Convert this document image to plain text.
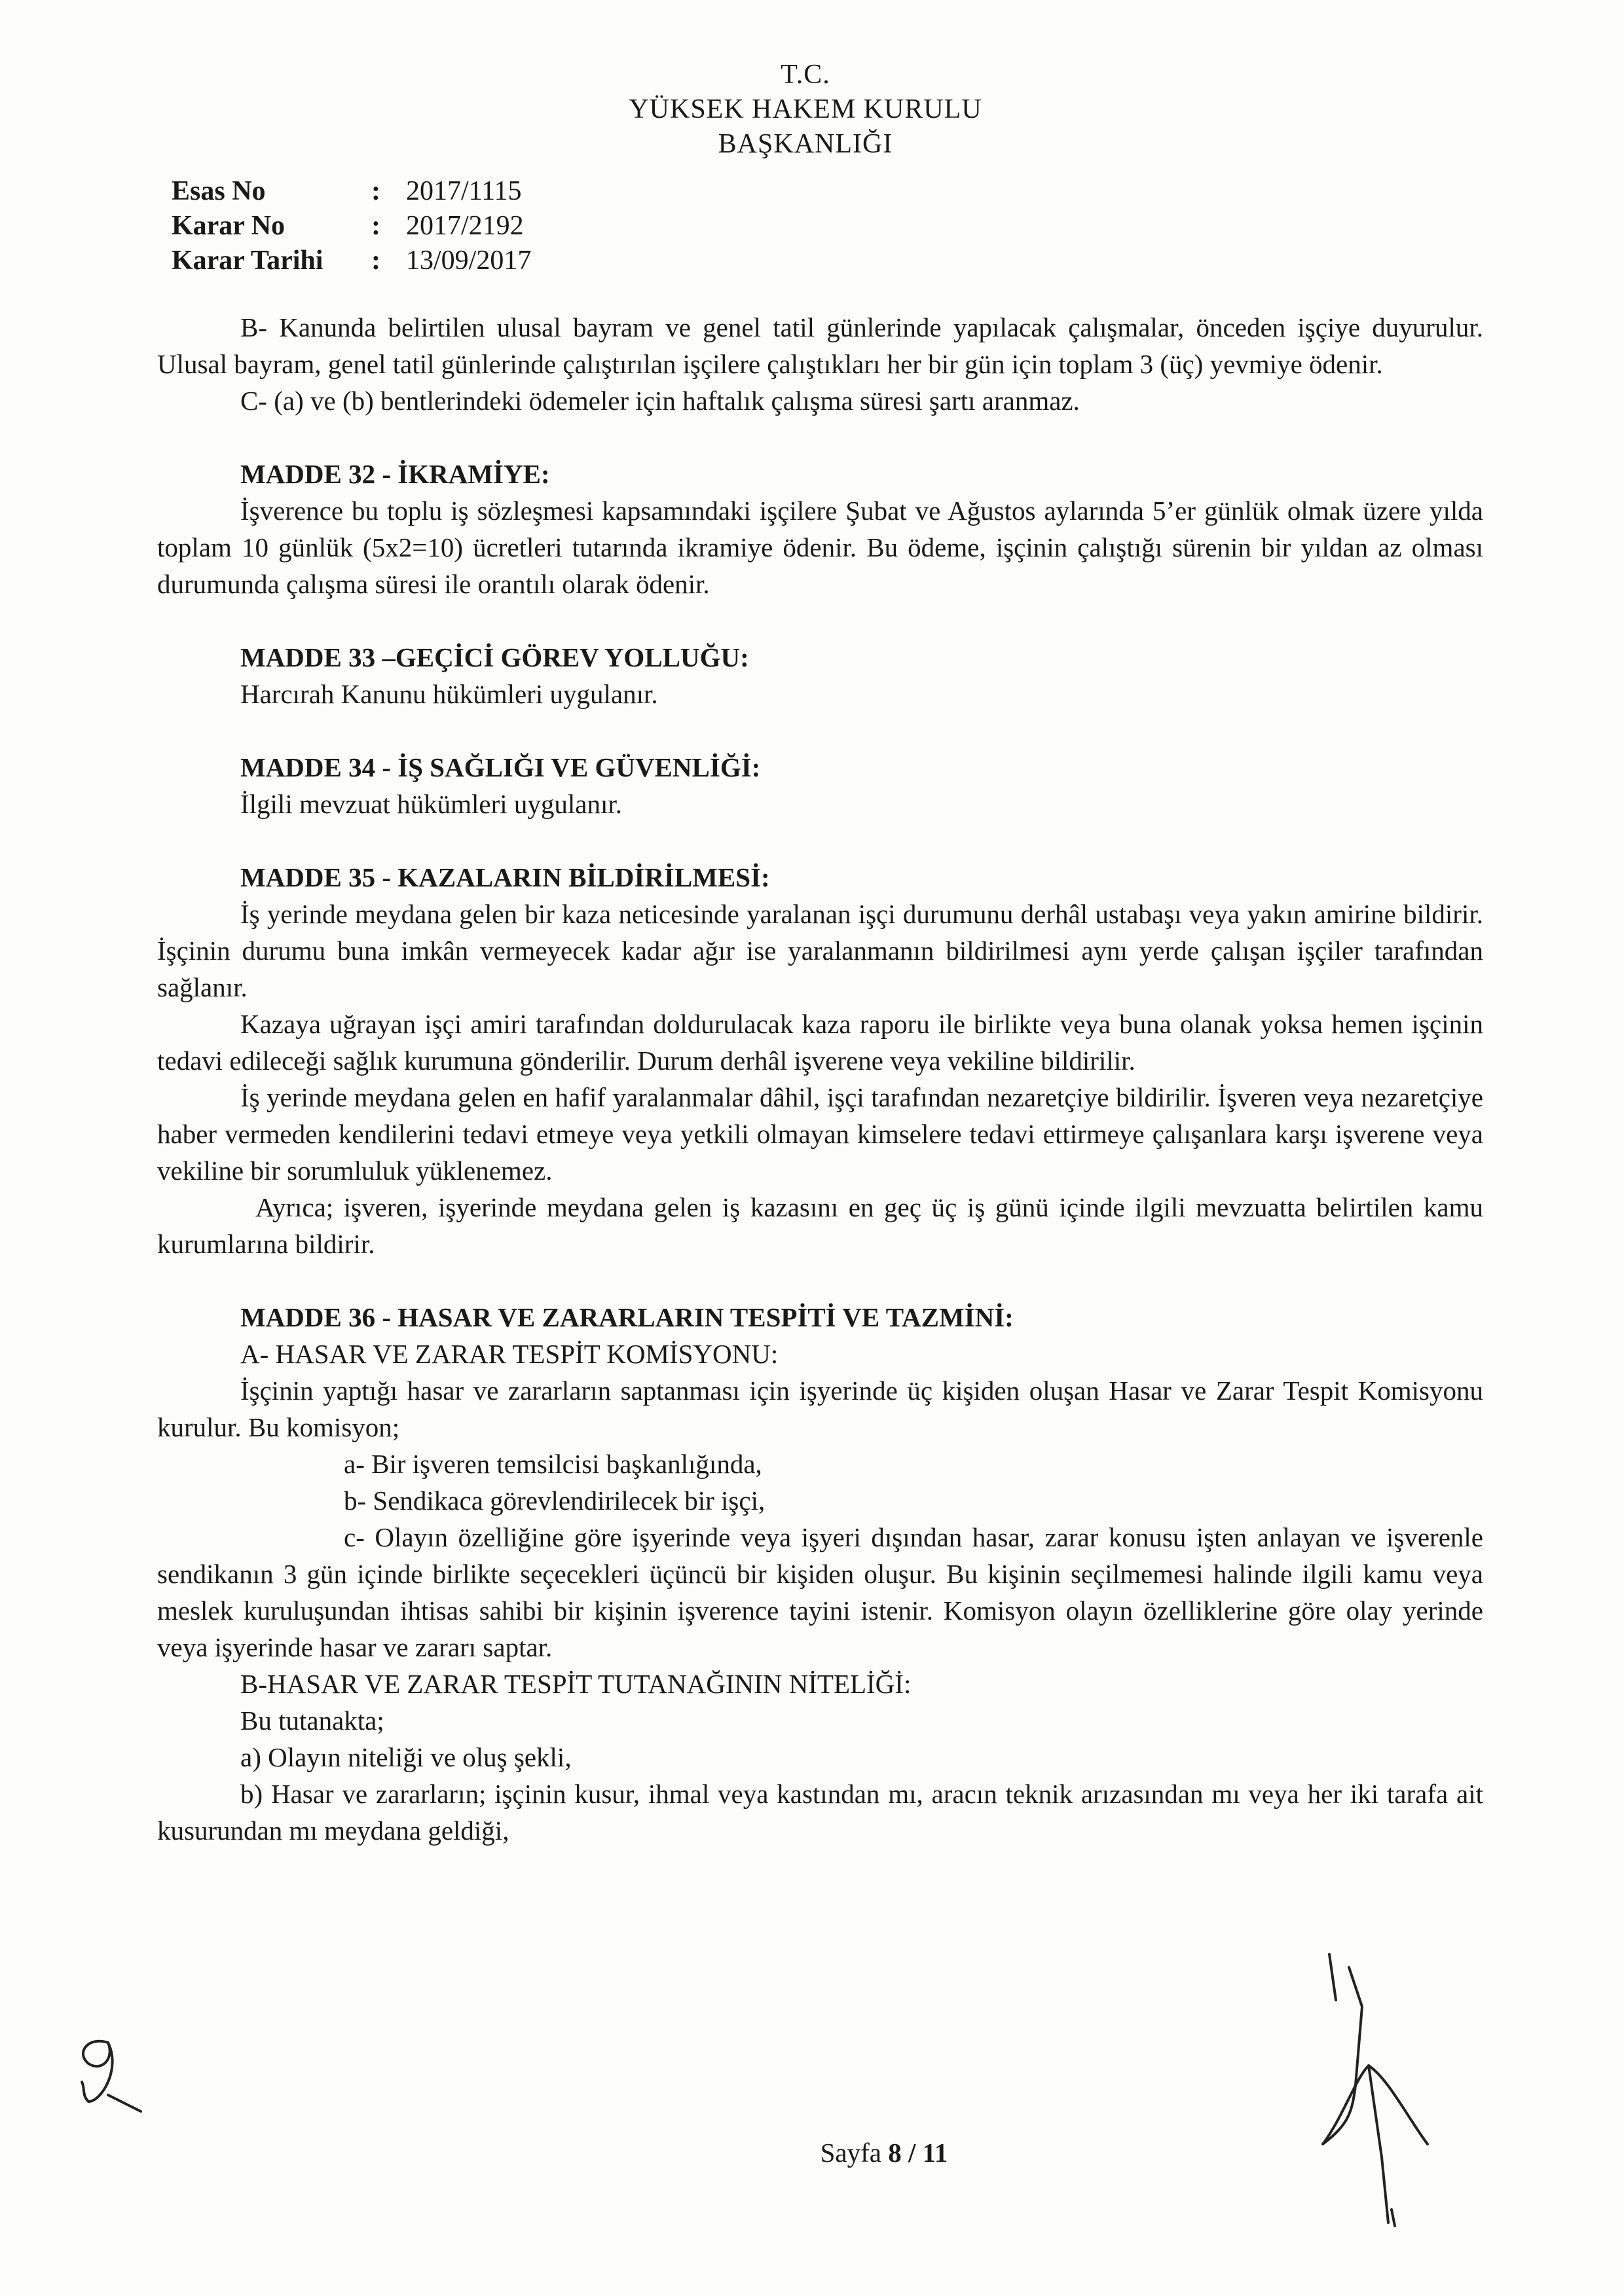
T.C.
YÜKSEK HAKEM KURULU
BAŞKANLIĞI
Esas No	: 2017/1115
Karar No	: 2017/2192
Karar Tarihi	: 13/09/2017

B- Kanunda belirtilen ulusal bayram ve genel tatil günlerinde yapılacak çalışmalar, önceden işçiye duyurulur. Ulusal bayram, genel tatil günlerinde çalıştırılan işçilere çalıştıkları her bir gün için toplam 3 (üç) yevmiye ödenir.

C- (a) ve (b) bentlerindeki ödemeler için haftalık çalışma süresi şartı aranmaz.

MADDE 32 - İKRAMİYE:

İşverence bu toplu iş sözleşmesi kapsamındaki işçilere Şubat ve Ağustos aylarında 5’er günlük olmak üzere yılda toplam 10 günlük (5x2=10) ücretleri tutarında ikramiye ödenir. Bu ödeme, işçinin çalıştığı sürenin bir yıldan az olması durumunda çalışma süresi ile orantılı olarak ödenir.

MADDE 33 –GEÇİCİ GÖREV YOLLUĞU:

Harcırah Kanunu hükümleri uygulanır.

MADDE 34 - İŞ SAĞLIĞI VE GÜVENLİĞİ:

İlgili mevzuat hükümleri uygulanır.

MADDE 35 - KAZALARIN BİLDİRİLMESİ:

İş yerinde meydana gelen bir kaza neticesinde yaralanan işçi durumunu derhâl ustabaşı veya yakın amirine bildirir. İşçinin durumu buna imkân vermeyecek kadar ağır ise yaralanmanın bildirilmesi aynı yerde çalışan işçiler tarafından sağlanır.

Kazaya uğrayan işçi amiri tarafından doldurulacak kaza raporu ile birlikte veya buna olanak yoksa hemen işçinin tedavi edileceği sağlık kurumuna gönderilir. Durum derhâl işverene veya vekiline bildirilir.

İş yerinde meydana gelen en hafif yaralanmalar dâhil, işçi tarafından nezaretçiye bildirilir. İşveren veya nezaretçiye haber vermeden kendilerini tedavi etmeye veya yetkili olmayan kimselere tedavi ettirmeye çalışanlara karşı işverene veya vekiline bir sorumluluk yüklenemez.

Ayrıca; işveren, işyerinde meydana gelen iş kazasını en geç üç iş günü içinde ilgili mevzuatta belirtilen kamu kurumlarına bildirir.

MADDE 36 - HASAR VE ZARARLARIN TESPİTİ VE TAZMİNİ:

A- HASAR VE ZARAR TESPİT KOMİSYONU:

İşçinin yaptığı hasar ve zararların saptanması için işyerinde üç kişiden oluşan Hasar ve Zarar Tespit Komisyonu kurulur. Bu komisyon;

a- Bir işveren temsilcisi başkanlığında,

b- Sendikaca görevlendirilecek bir işçi,

c- Olayın özelliğine göre işyerinde veya işyeri dışından hasar, zarar konusu işten anlayan ve işverenle sendikanın 3 gün içinde birlikte seçecekleri üçüncü bir kişiden oluşur. Bu kişinin seçilmemesi halinde ilgili kamu veya meslek kuruluşundan ihtisas sahibi bir kişinin işverence tayini istenir. Komisyon olayın özelliklerine göre olay yerinde veya işyerinde hasar ve zararı saptar.

B-HASAR VE ZARAR TESPİT TUTANAĞININ NİTELİĞİ:

Bu tutanakta;

a) Olayın niteliği ve oluş şekli,

b) Hasar ve zararların; işçinin kusur, ihmal veya kastından mı, aracın teknik arızasından mı veya her iki tarafa ait kusurundan mı meydana geldiği,

Sayfa 8 / 11
